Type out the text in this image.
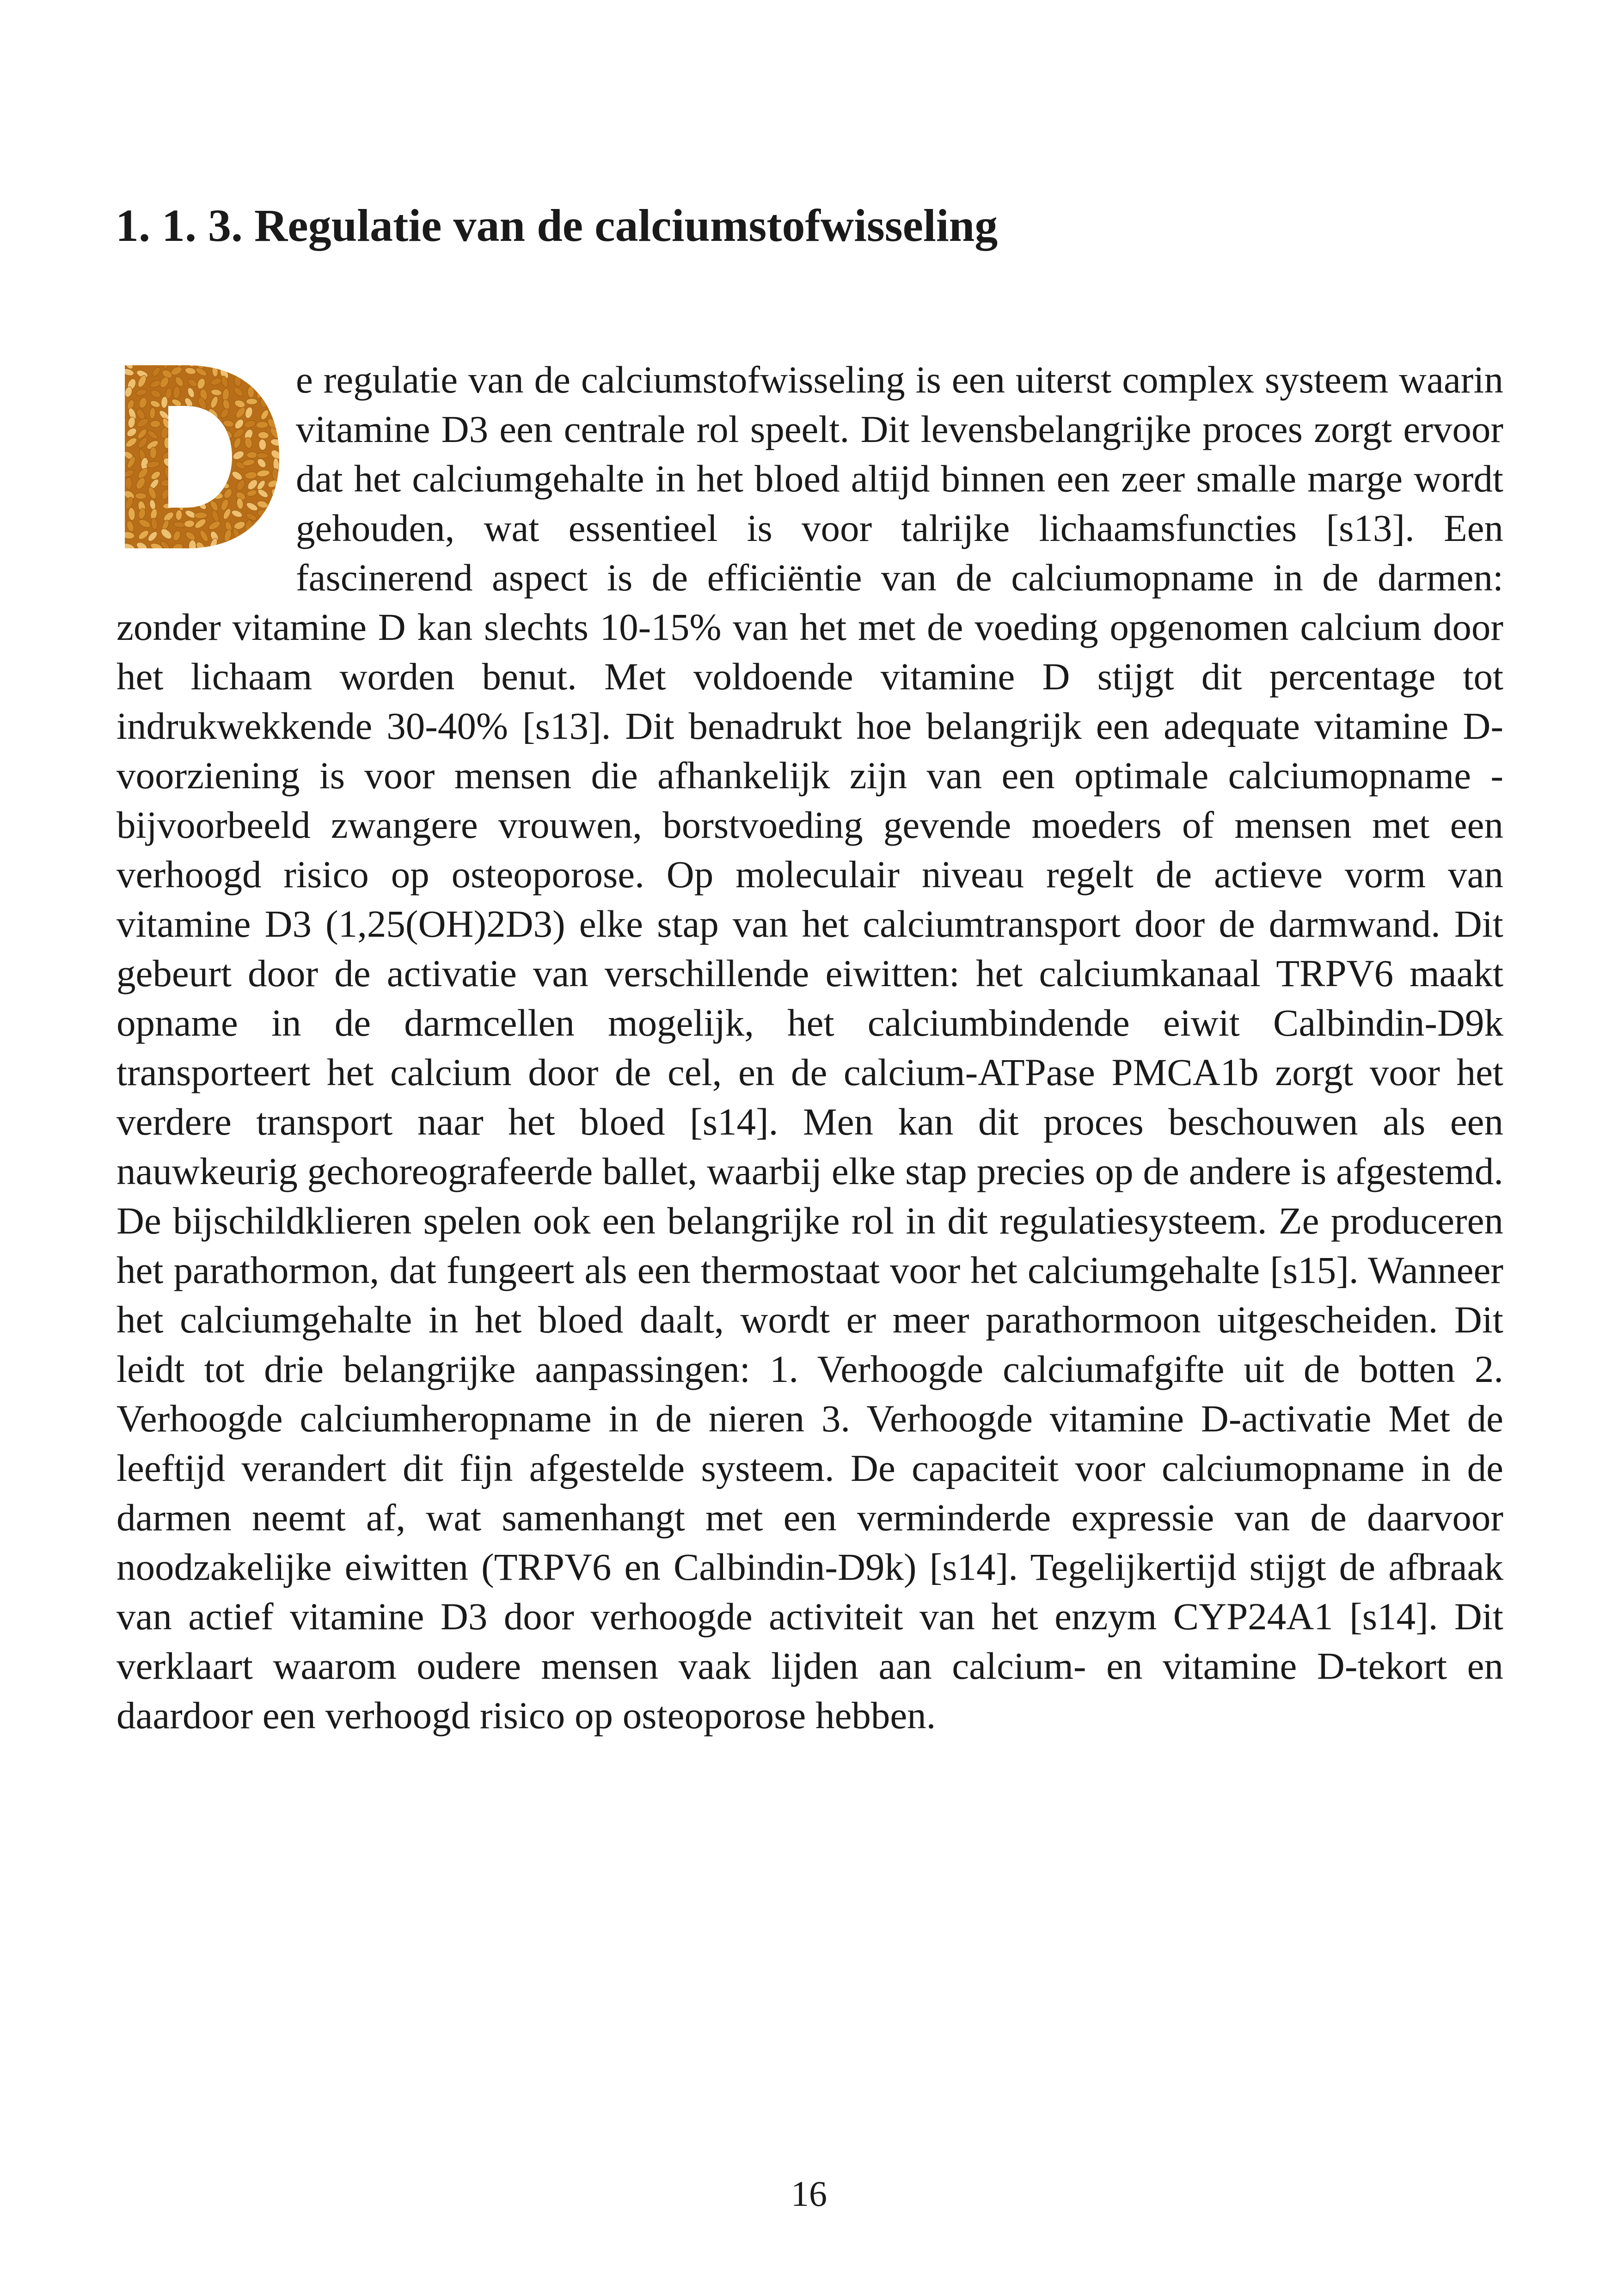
1. 1. 3. Regulatie van de calciumstofwisseling

e regulatie van de calciumstofwisseling is een uiterst complex systeem waarin vitamine D3 een centrale rol speelt. Dit levensbelangrijke proces zorgt ervoor dat het calciumgehalte in het bloed altijd binnen een zeer smalle marge wordt gehouden, wat essentieel is voor talrijke lichaamsfuncties [s13]. Een fascinerend aspect is de efficiëntie van de calciumopname in de darmen: zonder vitamine D kan slechts 10-15% van het met de voeding opgenomen calcium door het lichaam worden benut. Met voldoende vitamine D stijgt dit percentage tot indrukwekkende 30-40% [s13]. Dit benadrukt hoe belangrijk een adequate vitamine D-voorziening is voor mensen die afhankelijk zijn van een optimale calciumopname - bijvoorbeeld zwangere vrouwen, borstvoeding gevende moeders of mensen met een verhoogd risico op osteoporose. Op moleculair niveau regelt de actieve vorm van vitamine D3 (1,25(OH)2D3) elke stap van het calciumtransport door de darmwand. Dit gebeurt door de activatie van verschillende eiwitten: het calciumkanaal TRPV6 maakt opname in de darmcellen mogelijk, het calciumbindende eiwit Calbindin-D9k transporteert het calcium door de cel, en de calcium-ATPase PMCA1b zorgt voor het verdere transport naar het bloed [s14]. Men kan dit proces beschouwen als een nauwkeurig gechoreografeerde ballet, waarbij elke stap precies op de andere is afgestemd. De bijschildklieren spelen ook een belangrijke rol in dit regulatiesysteem. Ze produceren het parathormon, dat fungeert als een thermostaat voor het calciumgehalte [s15]. Wanneer het calciumgehalte in het bloed daalt, wordt er meer parathormoon uitgescheiden. Dit leidt tot drie belangrijke aanpassingen: 1. Verhoogde calciumafgifte uit de botten 2. Verhoogde calciumheropname in de nieren 3. Verhoogde vitamine D-activatie Met de leeftijd verandert dit fijn afgestelde systeem. De capaciteit voor calciumopname in de darmen neemt af, wat samenhangt met een verminderde expressie van de daarvoor noodzakelijke eiwitten (TRPV6 en Calbindin-D9k) [s14]. Tegelijkertijd stijgt de afbraak van actief vitamine D3 door verhoogde activiteit van het enzym CYP24A1 [s14]. Dit verklaart waarom oudere mensen vaak lijden aan calcium- en vitamine D-tekort en daardoor een verhoogd risico op osteoporose hebben.

16
